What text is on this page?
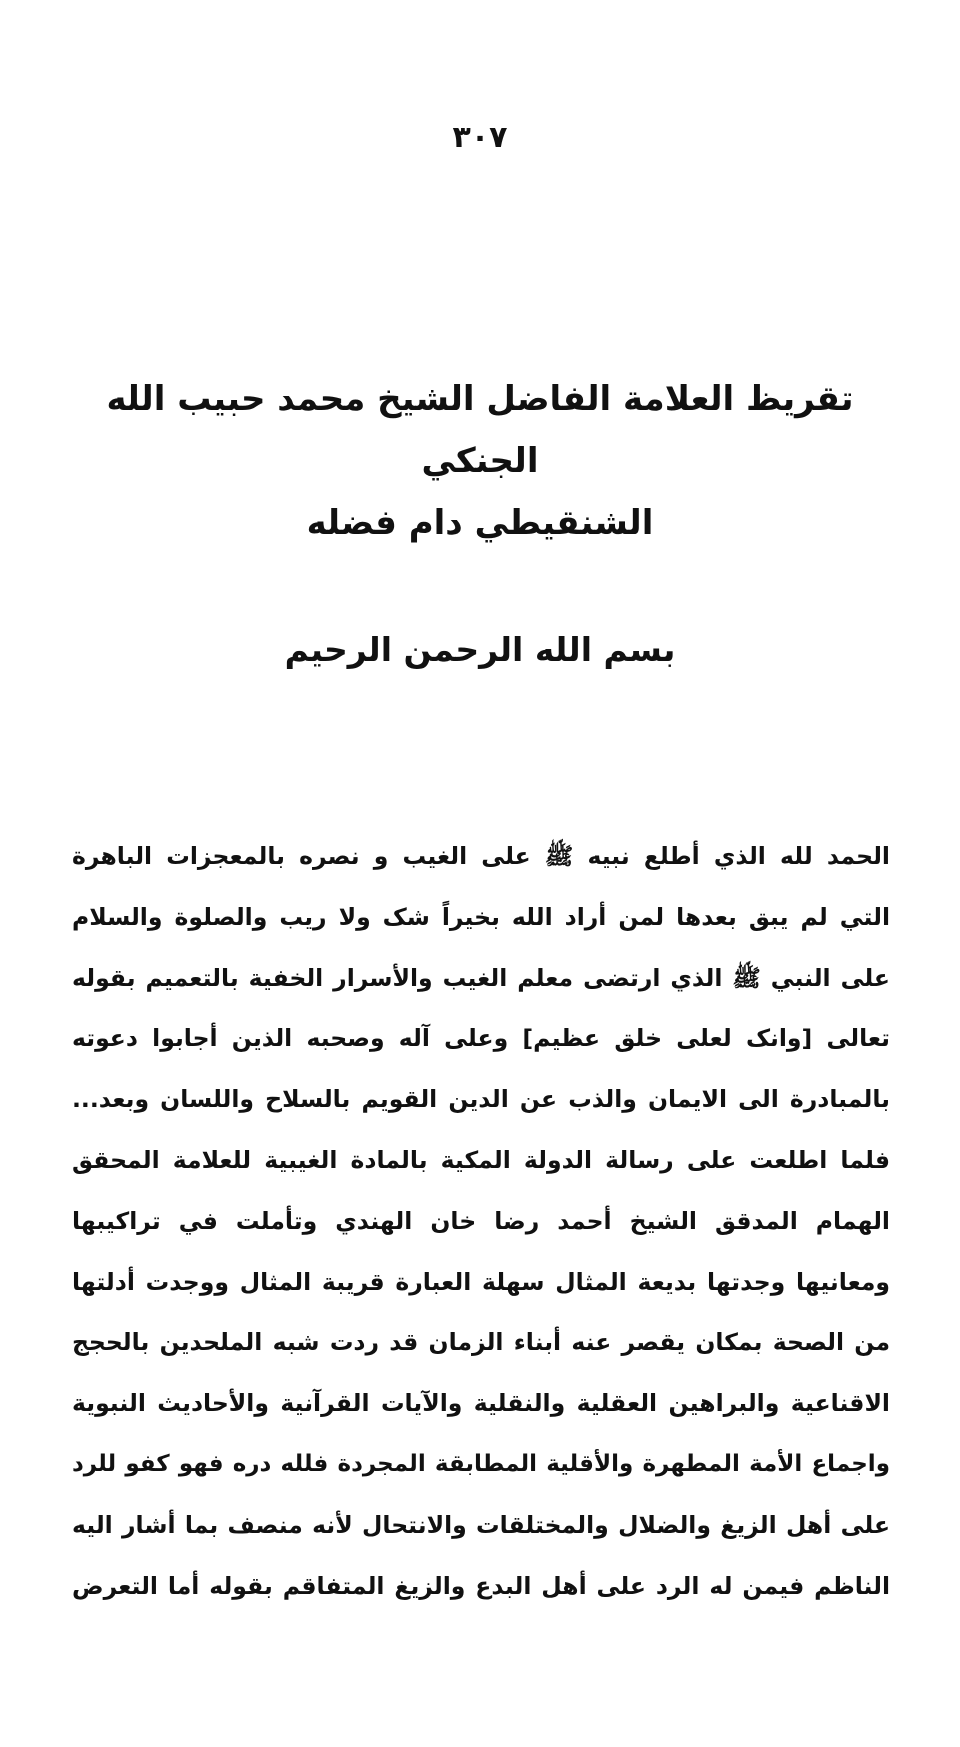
٣٠٧
تقريظ العلامة الفاضل الشيخ محمد حبيب الله الجنكي
الشنقيطي دام فضله
بسم الله الرحمن الرحيم
الحمد لله الذي أطلع نبيه ﷺ على الغيب و نصره بالمعجزات الباهرة
التي لم يبق بعدها لمن أراد الله بخيراً شک ولا ريب والصلوة والسلام
على النبي ﷺ الذي ارتضى معلم الغيب والأسرار الخفية بالتعميم بقوله
تعالى [وانک لعلى خلق عظيم] وعلى آله وصحبه الذين أجابوا دعوته
بالمبادرة الى الايمان والذب عن الدين القويم بالسلاح واللسان وبعد...
فلما اطلعت على رسالة الدولة المكية بالمادة الغيبية للعلامة المحقق
الهمام المدقق الشيخ أحمد رضا خان الهندي وتأملت في تراكيبها
ومعانيها وجدتها بديعة المثال سهلة العبارة قريبة المثال ووجدت أدلتها
من الصحة بمكان يقصر عنه أبناء الزمان قد ردت شبه الملحدين بالحجج
الاقناعية والبراهين العقلية والنقلية والآيات القرآنية والأحاديث النبوية
واجماع الأمة المطهرة والأقلية المطابقة المجردة فلله دره فهو كفو للرد
على أهل الزيغ والضلال والمختلقات والانتحال لأنه منصف بما أشار اليه
الناظم فيمن له الرد على أهل البدع والزيغ المتفاقم بقوله أما التعرض
